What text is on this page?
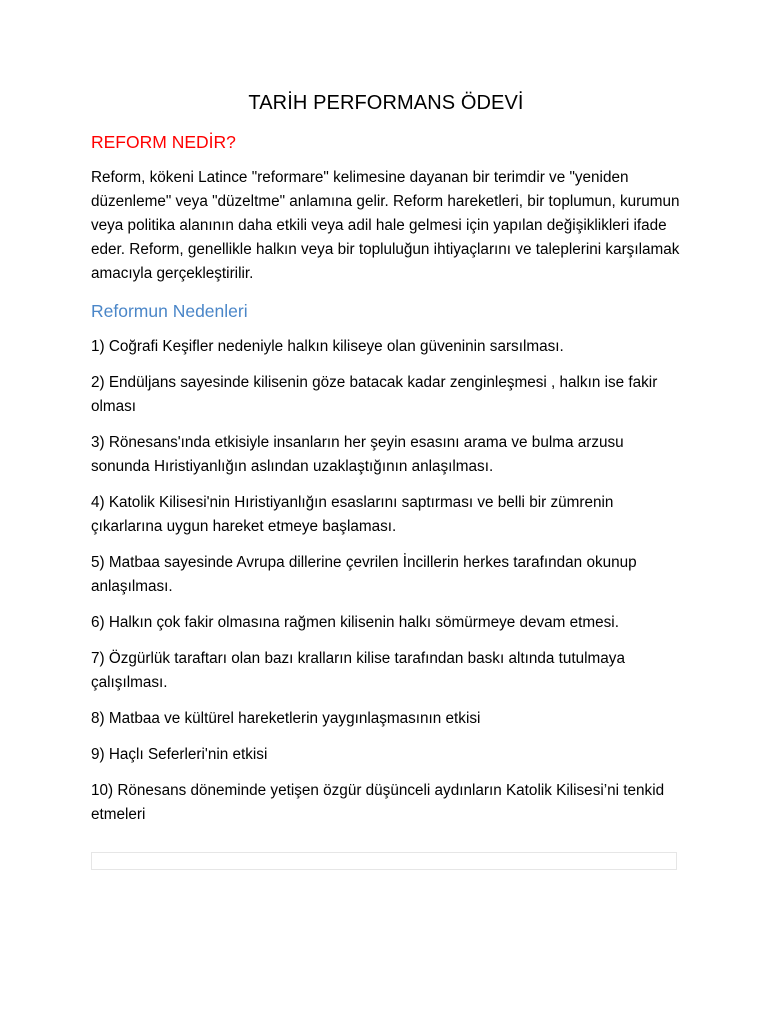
TARİH PERFORMANS ÖDEVİ
REFORM NEDİR?

Reform, kökeni Latince "reformare" kelimesine dayanan bir terimdir ve "yeniden düzenleme" veya "düzeltme" anlamına gelir. Reform hareketleri, bir toplumun, kurumun veya politika alanının daha etkili veya adil hale gelmesi için yapılan değişiklikleri ifade eder. Reform, genellikle halkın veya bir topluluğun ihtiyaçlarını ve taleplerini karşılamak amacıyla gerçekleştirilir.

Reformun Nedenleri

1) Coğrafi Keşifler nedeniyle halkın kiliseye olan güveninin sarsılması.

2) Endüljans sayesinde kilisenin göze batacak kadar zenginleşmesi , halkın ise fakir olması

3) Rönesans'ında etkisiyle insanların her şeyin esasını arama ve bulma arzusu sonunda Hıristiyanlığın aslından uzaklaştığının anlaşılması.

4) Katolik Kilisesi'nin Hıristiyanlığın esaslarını saptırması ve belli bir zümrenin çıkarlarına uygun hareket etmeye başlaması.

5) Matbaa sayesinde Avrupa dillerine çevrilen İncillerin herkes tarafından okunup anlaşılması.

6) Halkın çok fakir olmasına rağmen kilisenin halkı sömürmeye devam etmesi.

7) Özgürlük taraftarı olan bazı kralların kilise tarafından baskı altında tutulmaya çalışılması.

8) Matbaa ve kültürel hareketlerin yaygınlaşmasının etkisi

9) Haçlı Seferleri'nin etkisi

10) Rönesans döneminde yetişen özgür düşünceli aydınların Katolik Kilisesi’ni tenkid etmeleri
